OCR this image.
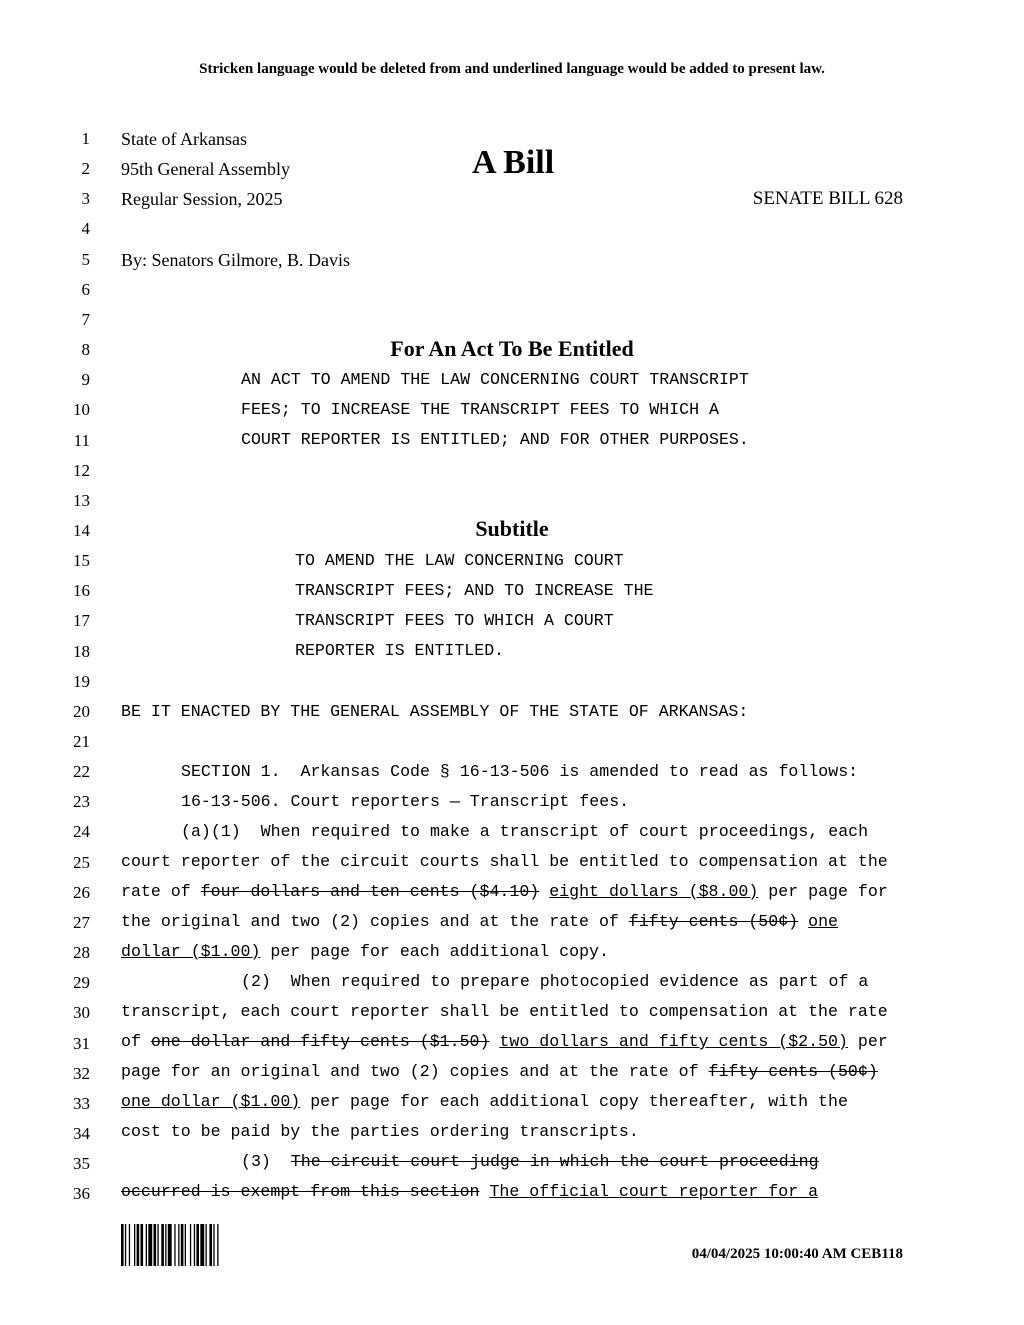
Stricken language would be deleted from and underlined language would be added to present law.
1
2
3
4
5
6
7
8
9
10
11
12
13
14
15
16
17
18
19
20
21
22
23
24
25
26
27
28
29
30
31
32
33
34
35
36
State of Arkansas
95th General Assembly
Regular Session, 2025
A Bill
SENATE BILL 628
By: Senators Gilmore, B. Davis
For An Act To Be Entitled
AN ACT TO AMEND THE LAW CONCERNING COURT TRANSCRIPT
FEES; TO INCREASE THE TRANSCRIPT FEES TO WHICH A
COURT REPORTER IS ENTITLED; AND FOR OTHER PURPOSES.
Subtitle
TO AMEND THE LAW CONCERNING COURT
TRANSCRIPT FEES; AND TO INCREASE THE
TRANSCRIPT FEES TO WHICH A COURT
REPORTER IS ENTITLED.
BE IT ENACTED BY THE GENERAL ASSEMBLY OF THE STATE OF ARKANSAS:
SECTION 1.  Arkansas Code § 16-13-506 is amended to read as follows:
16-13-506. Court reporters — Transcript fees.
(a)(1)  When required to make a transcript of court proceedings, each
court reporter of the circuit courts shall be entitled to compensation at the
rate of four dollars and ten cents ($4.10) eight dollars ($8.00) per page for
the original and two (2) copies and at the rate of fifty cents (50¢) one
dollar ($1.00) per page for each additional copy.
(2)  When required to prepare photocopied evidence as part of a
transcript, each court reporter shall be entitled to compensation at the rate
of one dollar and fifty cents ($1.50) two dollars and fifty cents ($2.50) per
page for an original and two (2) copies and at the rate of fifty cents (50¢)
one dollar ($1.00) per page for each additional copy thereafter, with the
cost to be paid by the parties ordering transcripts.
(3)  The circuit court judge in which the court proceeding
occurred is exempt from this section The official court reporter for a
04/04/2025 10:00:40 AM CEB118
